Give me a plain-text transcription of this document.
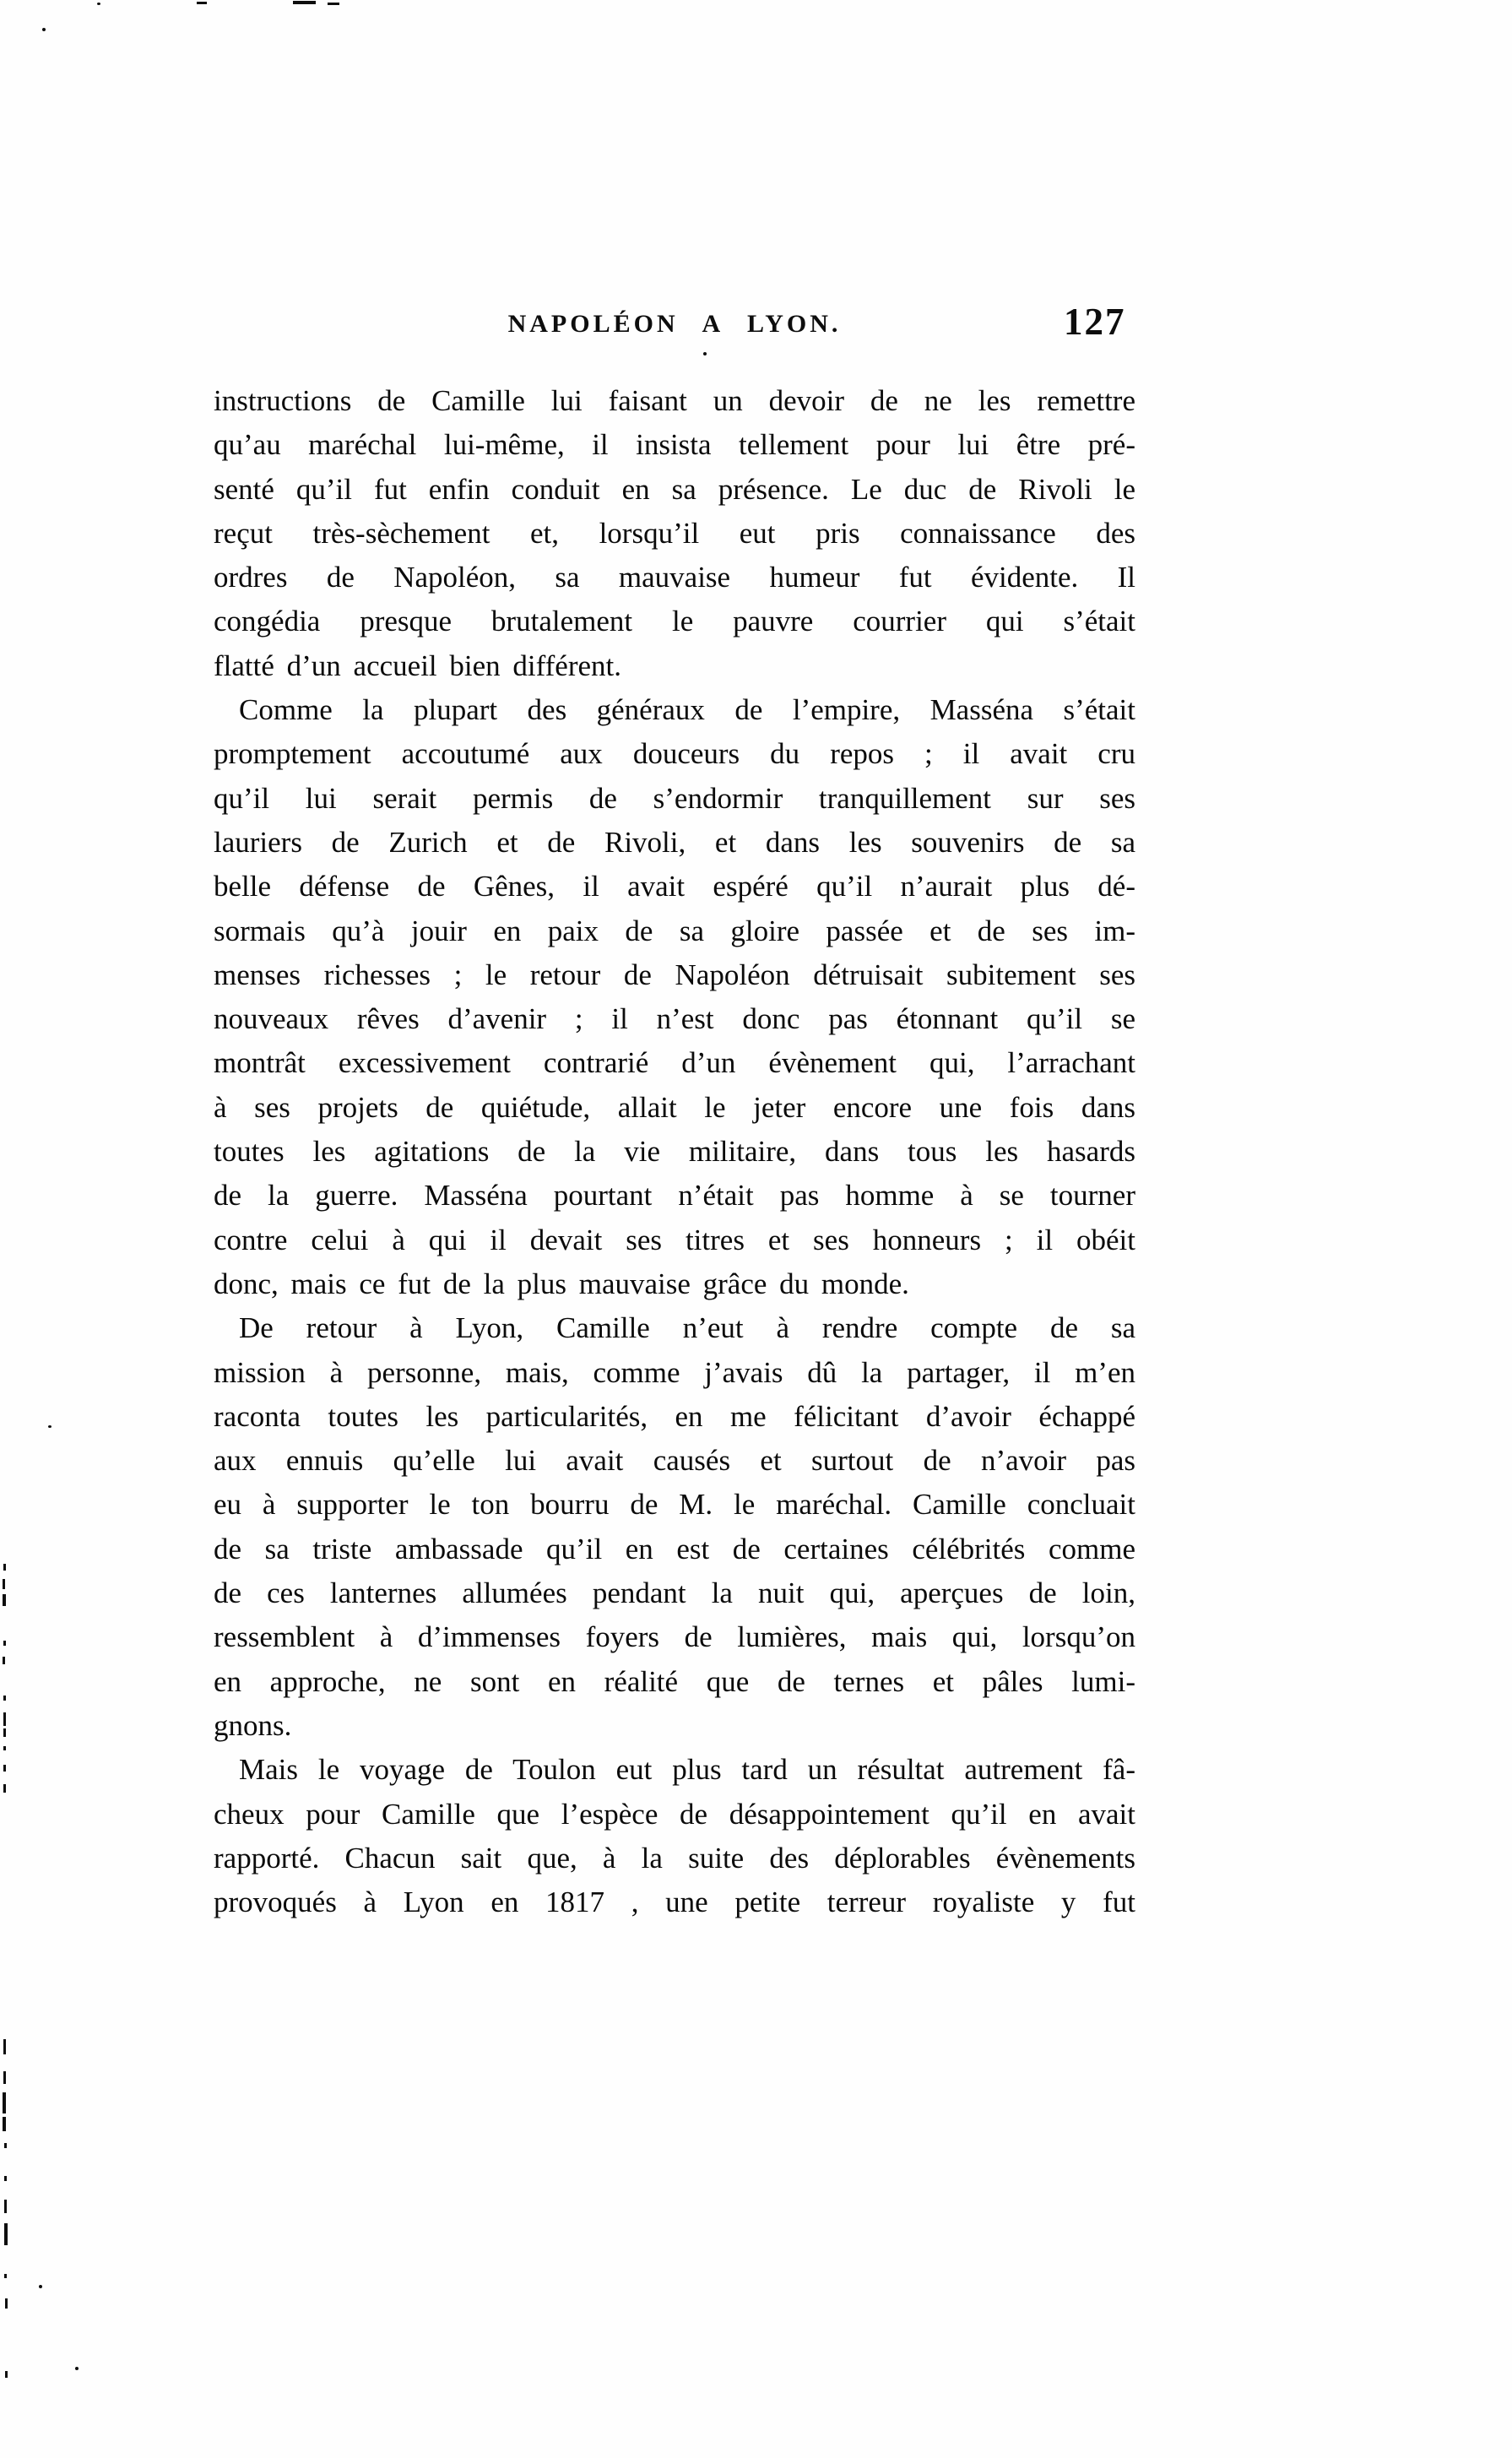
NAPOLÉON A LYON.	127
instructions de Camille lui faisant un devoir de ne les remettre
qu’au maréchal lui-même, il insista tellement pour lui être pré-
senté qu’il fut enfin conduit en sa présence. Le duc de Rivoli le
reçut très-sèchement et, lorsqu’il eut pris connaissance des
ordres de Napoléon, sa mauvaise humeur fut évidente. Il
congédia presque brutalement le pauvre courrier qui s’était
flatté d’un accueil bien différent.
Comme la plupart des généraux de l’empire, Masséna s’était
promptement accoutumé aux douceurs du repos ; il avait cru
qu’il lui serait permis de s’endormir tranquillement sur ses
lauriers de Zurich et de Rivoli, et dans les souvenirs de sa
belle défense de Gênes, il avait espéré qu’il n’aurait plus dé-
sormais qu’à jouir en paix de sa gloire passée et de ses im-
menses richesses ; le retour de Napoléon détruisait subitement ses
nouveaux rêves d’avenir ; il n’est donc pas étonnant qu’il se
montrât excessivement contrarié d’un évènement qui, l’arrachant
à ses projets de quiétude, allait le jeter encore une fois dans
toutes les agitations de la vie militaire, dans tous les hasards
de la guerre. Masséna pourtant n’était pas homme à se tourner
contre celui à qui il devait ses titres et ses honneurs ; il obéit
donc, mais ce fut de la plus mauvaise grâce du monde.
De retour à Lyon, Camille n’eut à rendre compte de sa
mission à personne, mais, comme j’avais dû la partager, il m’en
raconta toutes les particularités, en me félicitant d’avoir échappé
aux ennuis qu’elle lui avait causés et surtout de n’avoir pas
eu à supporter le ton bourru de M. le maréchal. Camille concluait
de sa triste ambassade qu’il en est de certaines célébrités comme
de ces lanternes allumées pendant la nuit qui, aperçues de loin,
ressemblent à d’immenses foyers de lumières, mais qui, lorsqu’on
en approche, ne sont en réalité que de ternes et pâles lumi-
gnons.
Mais le voyage de Toulon eut plus tard un résultat autrement fâ-
cheux pour Camille que l’espèce de désappointement qu’il en avait
rapporté. Chacun sait que, à la suite des déplorables évènements
provoqués à Lyon en 1817 , une petite terreur royaliste y fut
